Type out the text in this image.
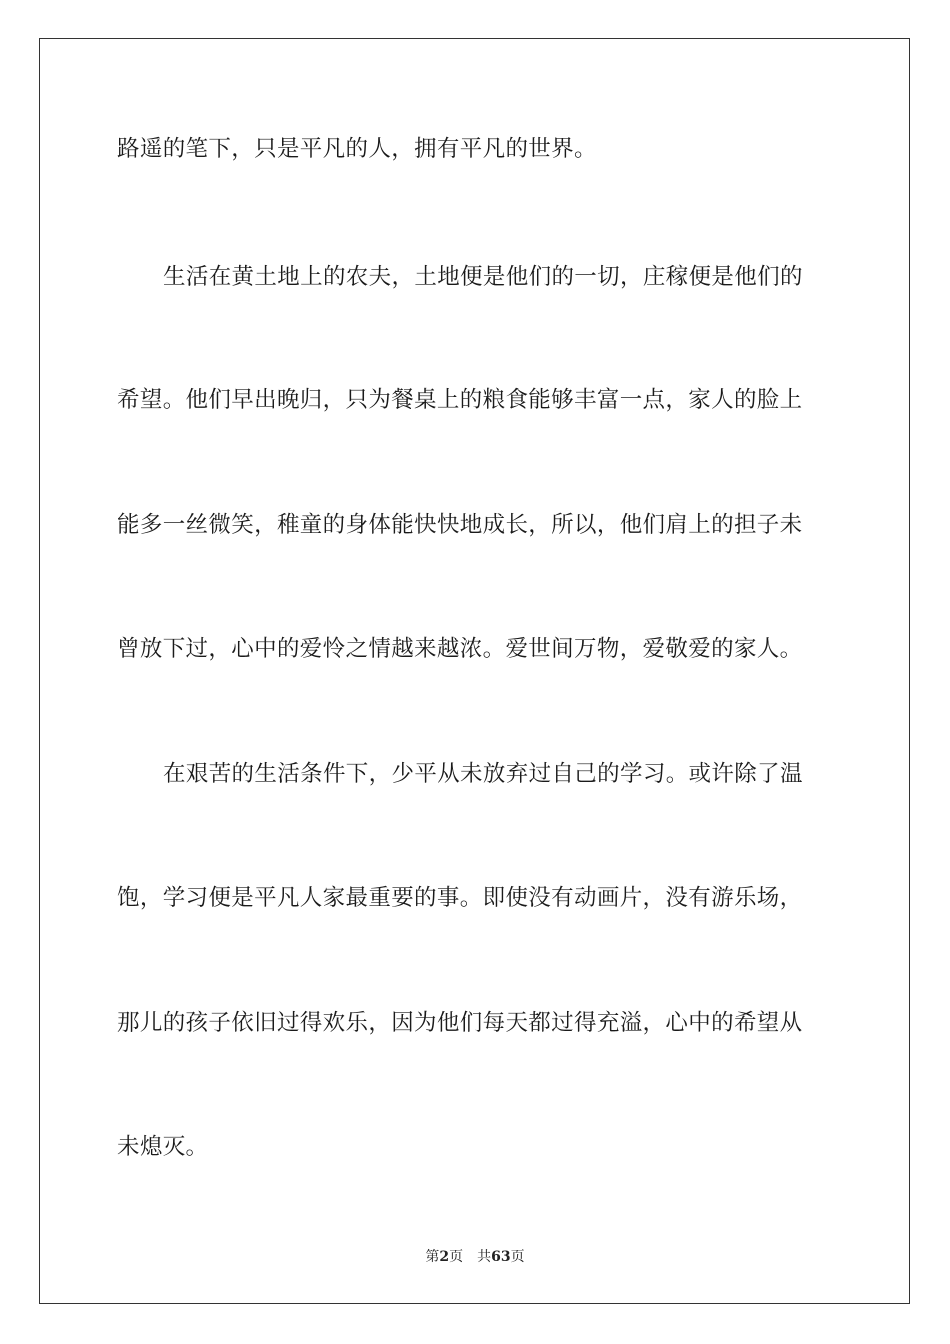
路遥的笔下，只是平凡的人，拥有平凡的世界。
生活在黄土地上的农夫，土地便是他们的一切，庄稼便是他们的
希望。他们早出晚归，只为餐桌上的粮食能够丰富一点，家人的脸上
能多一丝微笑，稚童的身体能快快地成长，所以，他们肩上的担子未
曾放下过，心中的爱怜之情越来越浓。爱世间万物，爱敬爱的家人。
在艰苦的生活条件下，少平从未放弃过自己的学习。或许除了温
饱，学习便是平凡人家最重要的事。即使没有动画片，没有游乐场，
那儿的孩子依旧过得欢乐，因为他们每天都过得充溢，心中的希望从
未熄灭。
第2页 共63页
